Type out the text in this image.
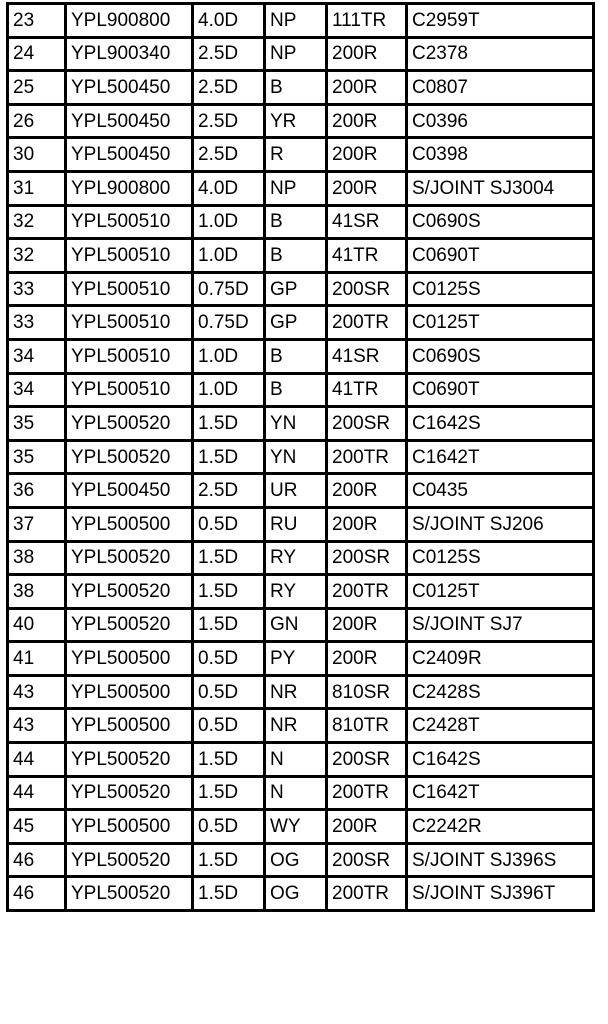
23	YPL900800	4.0D	NP	111TR	C2959T
24	YPL900340	2.5D	NP	200R	C2378
25	YPL500450	2.5D	B	200R	C0807
26	YPL500450	2.5D	YR	200R	C0396
30	YPL500450	2.5D	R	200R	C0398
31	YPL900800	4.0D	NP	200R	S/JOINT SJ3004
32	YPL500510	1.0D	B	41SR	C0690S
32	YPL500510	1.0D	B	41TR	C0690T
33	YPL500510	0.75D	GP	200SR	C0125S
33	YPL500510	0.75D	GP	200TR	C0125T
34	YPL500510	1.0D	B	41SR	C0690S
34	YPL500510	1.0D	B	41TR	C0690T
35	YPL500520	1.5D	YN	200SR	C1642S
35	YPL500520	1.5D	YN	200TR	C1642T
36	YPL500450	2.5D	UR	200R	C0435
37	YPL500500	0.5D	RU	200R	S/JOINT SJ206
38	YPL500520	1.5D	RY	200SR	C0125S
38	YPL500520	1.5D	RY	200TR	C0125T
40	YPL500520	1.5D	GN	200R	S/JOINT SJ7
41	YPL500500	0.5D	PY	200R	C2409R
43	YPL500500	0.5D	NR	810SR	C2428S
43	YPL500500	0.5D	NR	810TR	C2428T
44	YPL500520	1.5D	N	200SR	C1642S
44	YPL500520	1.5D	N	200TR	C1642T
45	YPL500500	0.5D	WY	200R	C2242R
46	YPL500520	1.5D	OG	200SR	S/JOINT SJ396S
46	YPL500520	1.5D	OG	200TR	S/JOINT SJ396T
